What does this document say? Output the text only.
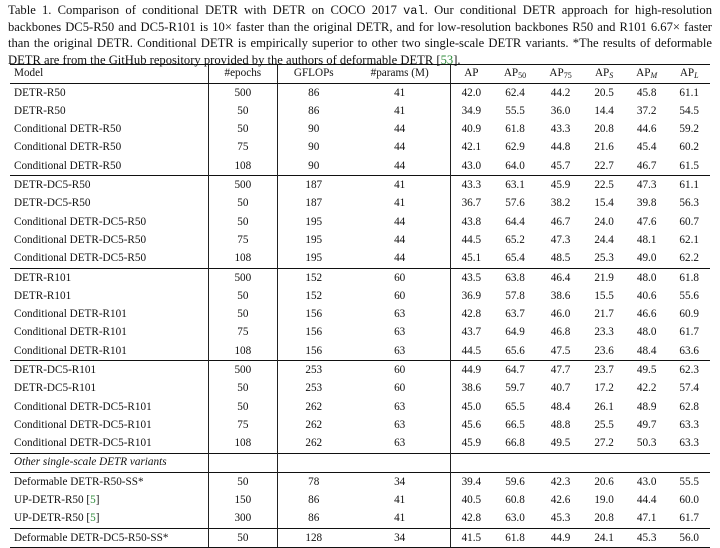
Table 1. Comparison of conditional DETR with DETR on COCO 2017 val. Our conditional DETR approach for high-resolution backbones DC5-R50 and DC5-R101 is 10× faster than the original DETR, and for low-resolution backbones R50 and R101 6.67× faster than the original DETR. Conditional DETR is empirically superior to other two single-scale DETR variants. *The results of deformable DETR are from the GitHub repository provided by the authors of deformable DETR [53].
Model	#epochs	GFLOPs	#params (M)	AP	$AP_{50}$	$AP_{75}$	$AP_S$	$AP_M$	$AP_L$
DETR-R50	500	86	41	42.0	62.4	44.2	20.5	45.8	61.1
DETR-R50	50	86	41	34.9	55.5	36.0	14.4	37.2	54.5
Conditional DETR-R50	50	90	44	40.9	61.8	43.3	20.8	44.6	59.2
Conditional DETR-R50	75	90	44	42.1	62.9	44.8	21.6	45.4	60.2
Conditional DETR-R50	108	90	44	43.0	64.0	45.7	22.7	46.7	61.5
DETR-DC5-R50	500	187	41	43.3	63.1	45.9	22.5	47.3	61.1
DETR-DC5-R50	50	187	41	36.7	57.6	38.2	15.4	39.8	56.3
Conditional DETR-DC5-R50	50	195	44	43.8	64.4	46.7	24.0	47.6	60.7
Conditional DETR-DC5-R50	75	195	44	44.5	65.2	47.3	24.4	48.1	62.1
Conditional DETR-DC5-R50	108	195	44	45.1	65.4	48.5	25.3	49.0	62.2
DETR-R101	500	152	60	43.5	63.8	46.4	21.9	48.0	61.8
DETR-R101	50	152	60	36.9	57.8	38.6	15.5	40.6	55.6
Conditional DETR-R101	50	156	63	42.8	63.7	46.0	21.7	46.6	60.9
Conditional DETR-R101	75	156	63	43.7	64.9	46.8	23.3	48.0	61.7
Conditional DETR-R101	108	156	63	44.5	65.6	47.5	23.6	48.4	63.6
DETR-DC5-R101	500	253	60	44.9	64.7	47.7	23.7	49.5	62.3
DETR-DC5-R101	50	253	60	38.6	59.7	40.7	17.2	42.2	57.4
Conditional DETR-DC5-R101	50	262	63	45.0	65.5	48.4	26.1	48.9	62.8
Conditional DETR-DC5-R101	75	262	63	45.6	66.5	48.8	25.5	49.7	63.3
Conditional DETR-DC5-R101	108	262	63	45.9	66.8	49.5	27.2	50.3	63.3
Other single-scale DETR variants									
Deformable DETR-R50-SS*	50	78	34	39.4	59.6	42.3	20.6	43.0	55.5
UP-DETR-R50 [5]	150	86	41	40.5	60.8	42.6	19.0	44.4	60.0
UP-DETR-R50 [5]	300	86	41	42.8	63.0	45.3	20.8	47.1	61.7
Deformable DETR-DC5-R50-SS*	50	128	34	41.5	61.8	44.9	24.1	45.3	56.0
